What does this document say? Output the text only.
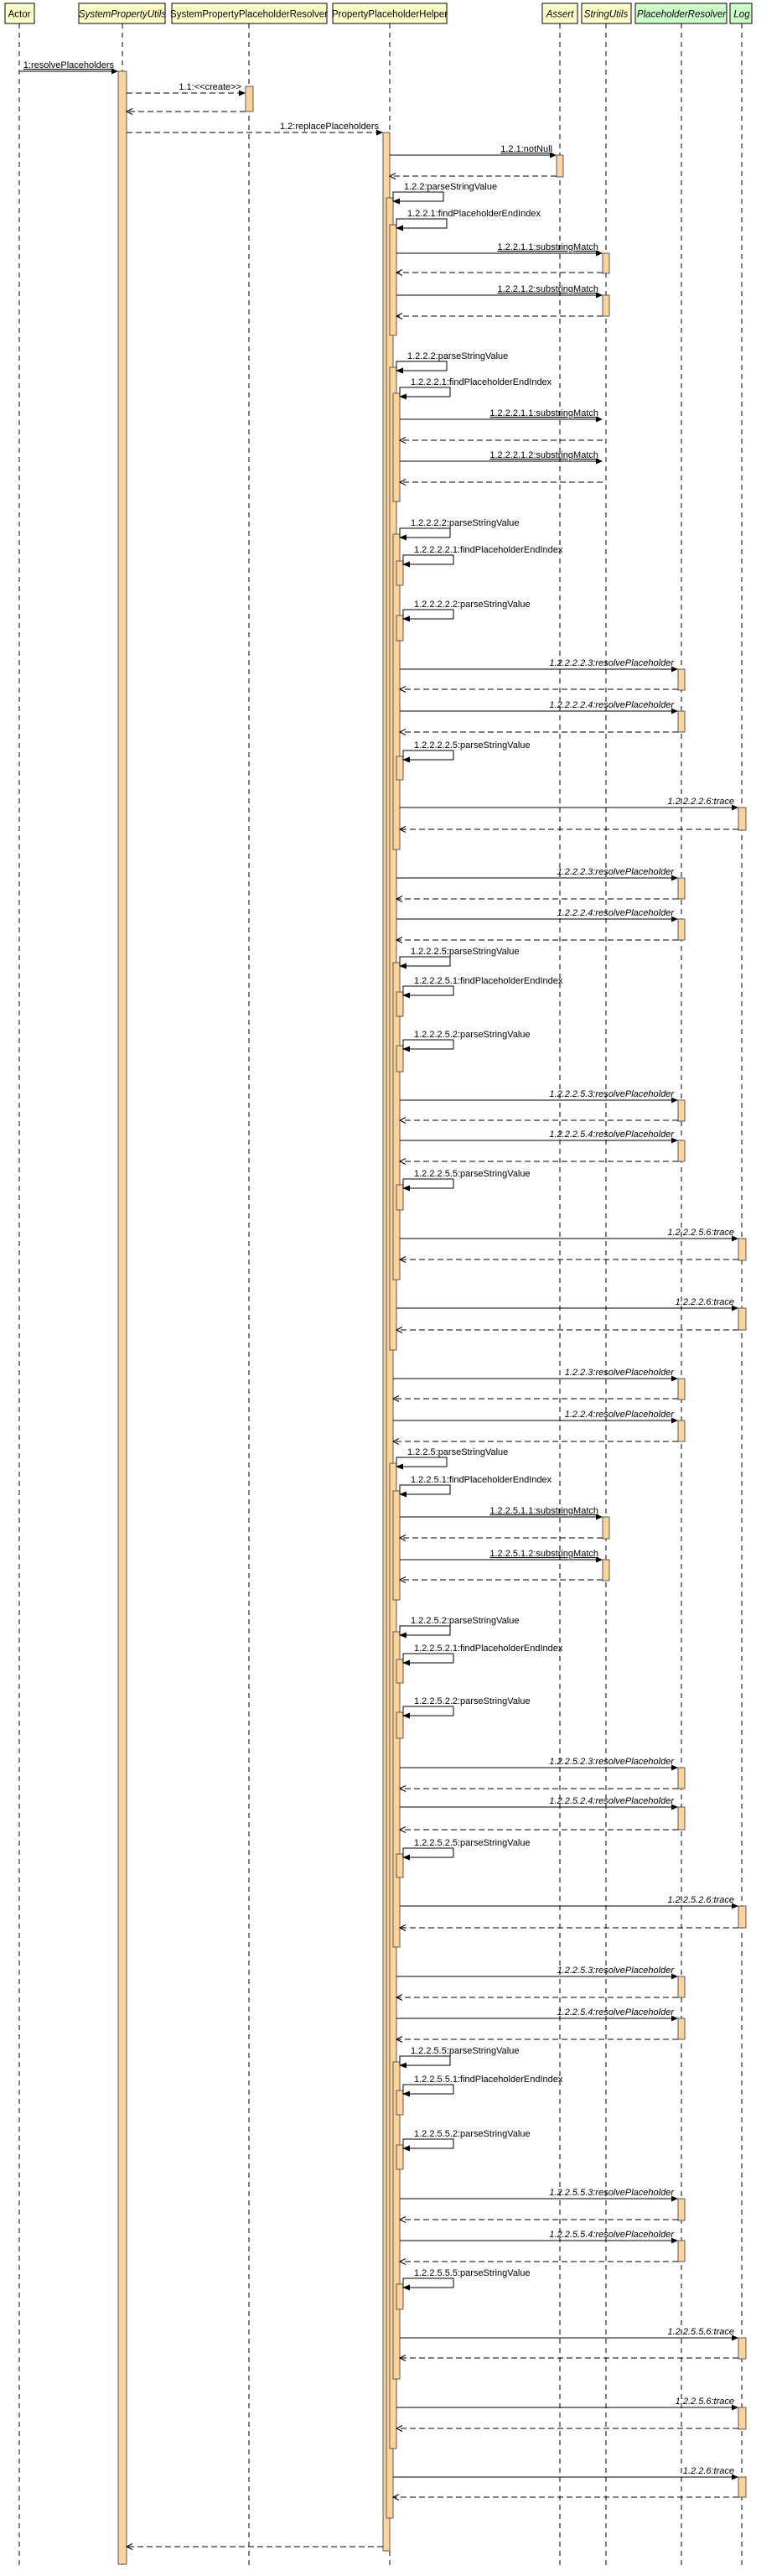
Actor	SystemPropertyUtils SystemPropertyPlaceholderResolver PropertyPlaceholderHelper	Assert StringUtils PlaceholderResolver Log
1:resolvePlaceholders
1.1:<<create>>
1.2:replacePlaceholders
1.2.1:notNull
1.2.2:parseStringValue
1.2.2.1:findPlaceholderEndIndex
1.2.2.1.1:substringMatch
1.2.2.1.2:substringMatch
1.2.2.2:parseStringValue
1.2.2.2.1:findPlaceholderEndIndex
1.2.2.2.1.1:substringMatch
1.2.2.2.1.2:substringMatch
1.2.2.2.2:parseStringValue
1.2.2.2.2.1:findPlaceholderEndIndex
1.2.2.2.2.2:parseStringValue
1.2.2.2.2.3:resolvePlaceholder
1.2.2.2.2.4:resolvePlaceholder
1.2.2.2.2.5:parseStringValue
1.2.2.2.2.6:trace
1.2.2.2.3:resolvePlaceholder
1.2.2.2.4:resolvePlaceholder
1.2.2.2.5:parseStringValue
1.2.2.2.5.1:findPlaceholderEndIndex
1.2.2.2.5.2:parseStringValue
1.2.2.2.5.3:resolvePlaceholder
1.2.2.2.5.4:resolvePlaceholder
1.2.2.2.5.5:parseStringValue
1.2.2.2.5.6:trace
1.2.2.2.6:trace
1.2.2.3:resolvePlaceholder
1.2.2.4:resolvePlaceholder
1.2.2.5:parseStringValue
1.2.2.5.1:findPlaceholderEndIndex
1.2.2.5.1.1:substringMatch
1.2.2.5.1.2:substringMatch
1.2.2.5.2:parseStringValue
1.2.2.5.2.1:findPlaceholderEndIndex
1.2.2.5.2.2:parseStringValue
1.2.2.5.2.3:resolvePlaceholder
1.2.2.5.2.4:resolvePlaceholder
1.2.2.5.2.5:parseStringValue
1.2.2.5.2.6:trace
1.2.2.5.3:resolvePlaceholder
1.2.2.5.4:resolvePlaceholder
1.2.2.5.5:parseStringValue
1.2.2.5.5.1:findPlaceholderEndIndex
1.2.2.5.5.2:parseStringValue
1.2.2.5.5.3:resolvePlaceholder
1.2.2.5.5.4:resolvePlaceholder
1.2.2.5.5.5:parseStringValue
1.2.2.5.5.6:trace
1.2.2.5.6:trace
1.2.2.6:trace
